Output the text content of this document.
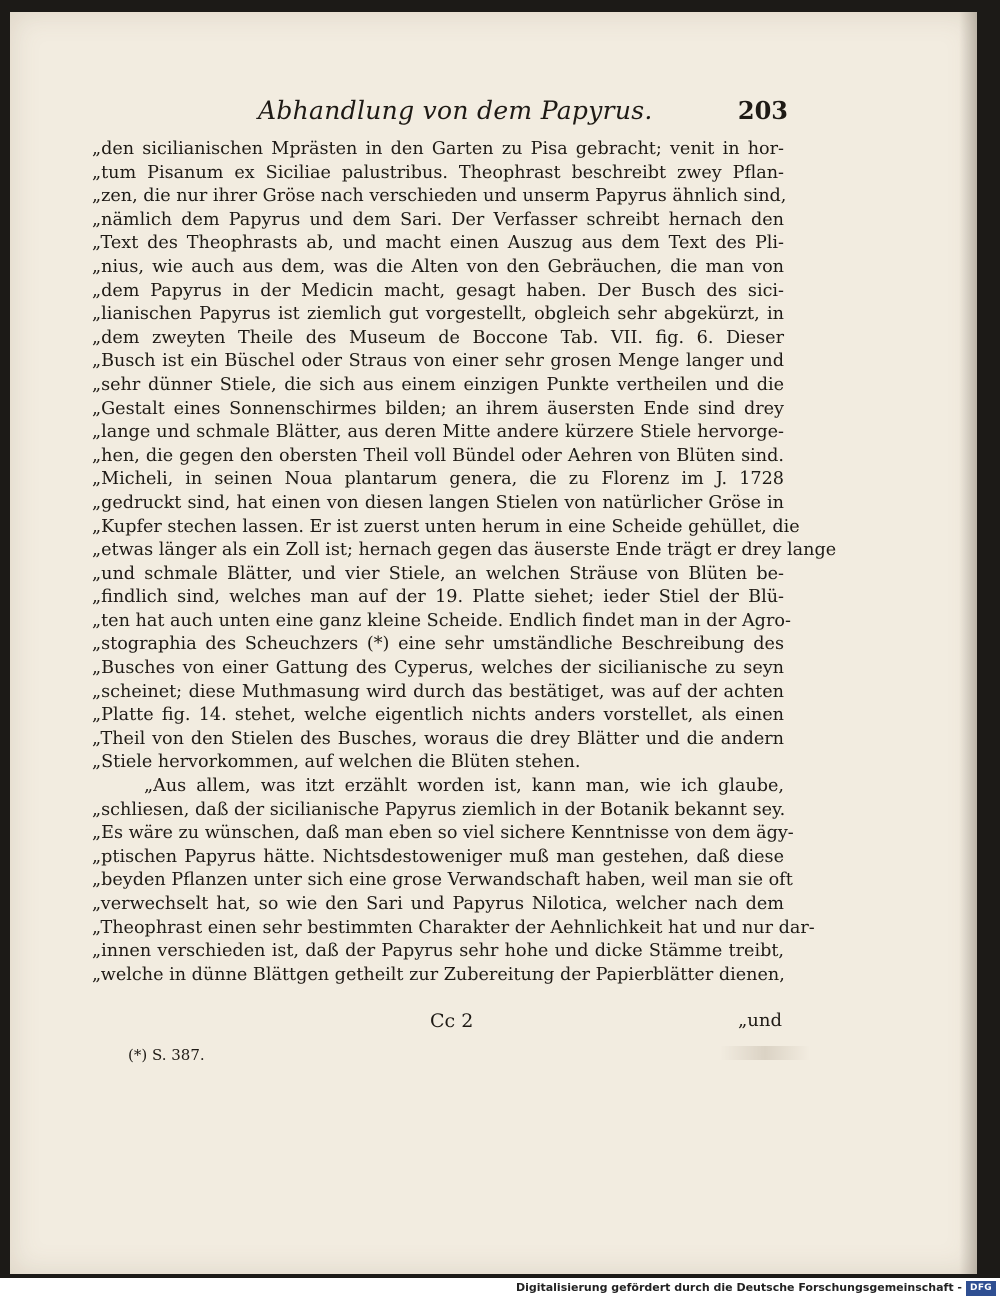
Abhandlung von dem Papyrus.	203
„den sicilianischen Mprästen in den Garten zu Pisa gebracht; venit in hor-
„tum Pisanum ex Siciliae palustribus. Theophrast beschreibt zwey Pflan-
„zen, die nur ihrer Gröse nach verschieden und unserm Papyrus ähnlich sind,
„nämlich dem Papyrus und dem Sari. Der Verfasser schreibt hernach den
„Text des Theophrasts ab, und macht einen Auszug aus dem Text des Pli-
„nius, wie auch aus dem, was die Alten von den Gebräuchen, die man von
„dem Papyrus in der Medicin macht, gesagt haben. Der Busch des sici-
„lianischen Papyrus ist ziemlich gut vorgestellt, obgleich sehr abgekürzt, in
„dem zweyten Theile des Museum de Boccone Tab. VII. fig. 6. Dieser
„Busch ist ein Büschel oder Straus von einer sehr grosen Menge langer und
„sehr dünner Stiele, die sich aus einem einzigen Punkte vertheilen und die
„Gestalt eines Sonnenschirmes bilden; an ihrem äusersten Ende sind drey
„lange und schmale Blätter, aus deren Mitte andere kürzere Stiele hervorge-
„hen, die gegen den obersten Theil voll Bündel oder Aehren von Blüten sind.
„Micheli, in seinen Noua plantarum genera, die zu Florenz im J. 1728
„gedruckt sind, hat einen von diesen langen Stielen von natürlicher Gröse in
„Kupfer stechen lassen. Er ist zuerst unten herum in eine Scheide gehüllet, die
„etwas länger als ein Zoll ist; hernach gegen das äuserste Ende trägt er drey lange
„und schmale Blätter, und vier Stiele, an welchen Sträuse von Blüten be-
„findlich sind, welches man auf der 19. Platte siehet; ieder Stiel der Blü-
„ten hat auch unten eine ganz kleine Scheide. Endlich findet man in der Agro-
„stographia des Scheuchzers (*) eine sehr umständliche Beschreibung des
„Busches von einer Gattung des Cyperus, welches der sicilianische zu seyn
„scheinet; diese Muthmasung wird durch das bestätiget, was auf der achten
„Platte fig. 14. stehet, welche eigentlich nichts anders vorstellet, als einen
„Theil von den Stielen des Busches, woraus die drey Blätter und die andern
„Stiele hervorkommen, auf welchen die Blüten stehen.
„Aus allem, was itzt erzählt worden ist, kann man, wie ich glaube,
„schliesen, daß der sicilianische Papyrus ziemlich in der Botanik bekannt sey.
„Es wäre zu wünschen, daß man eben so viel sichere Kenntnisse von dem ägy-
„ptischen Papyrus hätte. Nichtsdestoweniger muß man gestehen, daß diese
„beyden Pflanzen unter sich eine grose Verwandschaft haben, weil man sie oft
„verwechselt hat, so wie den Sari und Papyrus Nilotica, welcher nach dem
„Theophrast einen sehr bestimmten Charakter der Aehnlichkeit hat und nur dar-
„innen verschieden ist, daß der Papyrus sehr hohe und dicke Stämme treibt,
„welche in dünne Blättgen getheilt zur Zubereitung der Papierblätter dienen,
Cc 2	„und
(*) S. 387.
Digitalisierung gefördert durch die Deutsche Forschungsgemeinschaft - DFG
